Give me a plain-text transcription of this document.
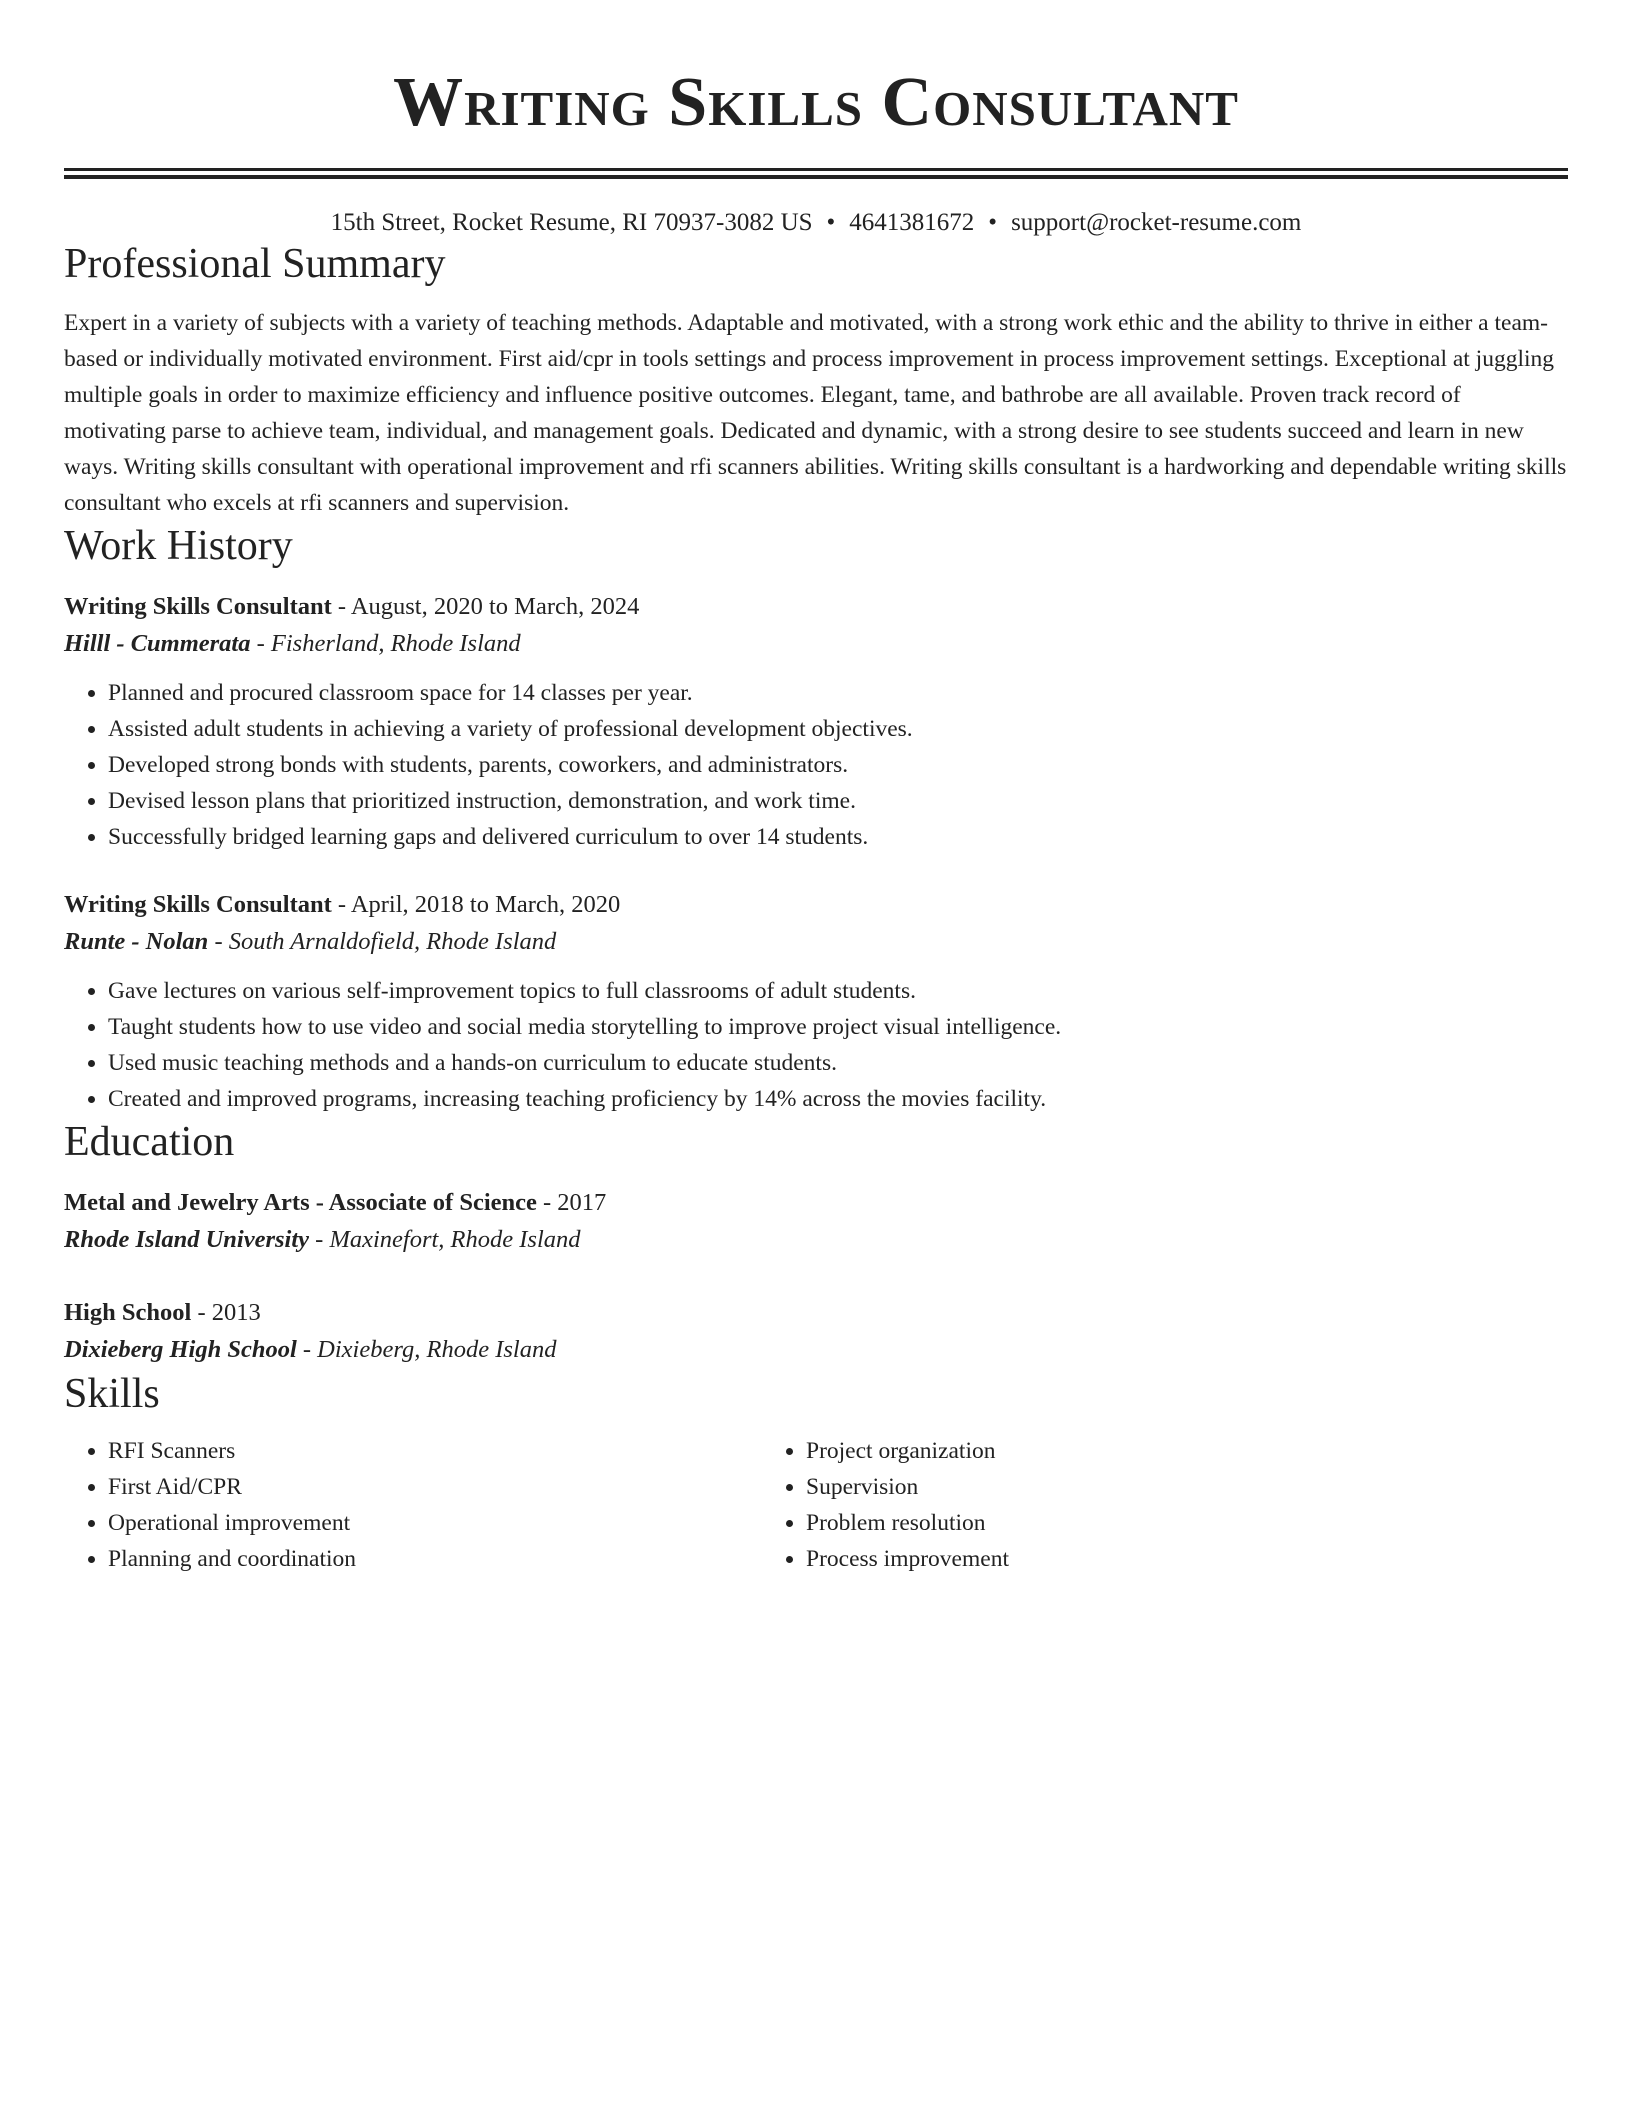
Writing Skills Consultant
15th Street, Rocket Resume, RI 70937-3082 US • 4641381672 • support@rocket-resume.com
Professional Summary

Expert in a variety of subjects with a variety of teaching methods. Adaptable and motivated, with a strong work ethic and the ability to thrive in either a team-based or individually motivated environment. First aid/cpr in tools settings and process improvement in process improvement settings. Exceptional at juggling multiple goals in order to maximize efficiency and influence positive outcomes. Elegant, tame, and bathrobe are all available. Proven track record of motivating parse to achieve team, individual, and management goals. Dedicated and dynamic, with a strong desire to see students succeed and learn in new ways. Writing skills consultant with operational improvement and rfi scanners abilities. Writing skills consultant is a hardworking and dependable writing skills consultant who excels at rfi scanners and supervision.

Work History
Writing Skills Consultant - August, 2020 to March, 2024
Hilll - Cummerata - Fisherland, Rhode Island
• Planned and procured classroom space for 14 classes per year.
• Assisted adult students in achieving a variety of professional development objectives.
• Developed strong bonds with students, parents, coworkers, and administrators.
• Devised lesson plans that prioritized instruction, demonstration, and work time.
• Successfully bridged learning gaps and delivered curriculum to over 14 students.
Writing Skills Consultant - April, 2018 to March, 2020
Runte - Nolan - South Arnaldofield, Rhode Island
• Gave lectures on various self-improvement topics to full classrooms of adult students.
• Taught students how to use video and social media storytelling to improve project visual intelligence.
• Used music teaching methods and a hands-on curriculum to educate students.
• Created and improved programs, increasing teaching proficiency by 14% across the movies facility.
Education
Metal and Jewelry Arts - Associate of Science - 2017
Rhode Island University - Maxinefort, Rhode Island
High School - 2013
Dixieberg High School - Dixieberg, Rhode Island
Skills
• RFI Scanners
• First Aid/CPR
• Operational improvement
• Planning and coordination
• Project organization
• Supervision
• Problem resolution
• Process improvement
